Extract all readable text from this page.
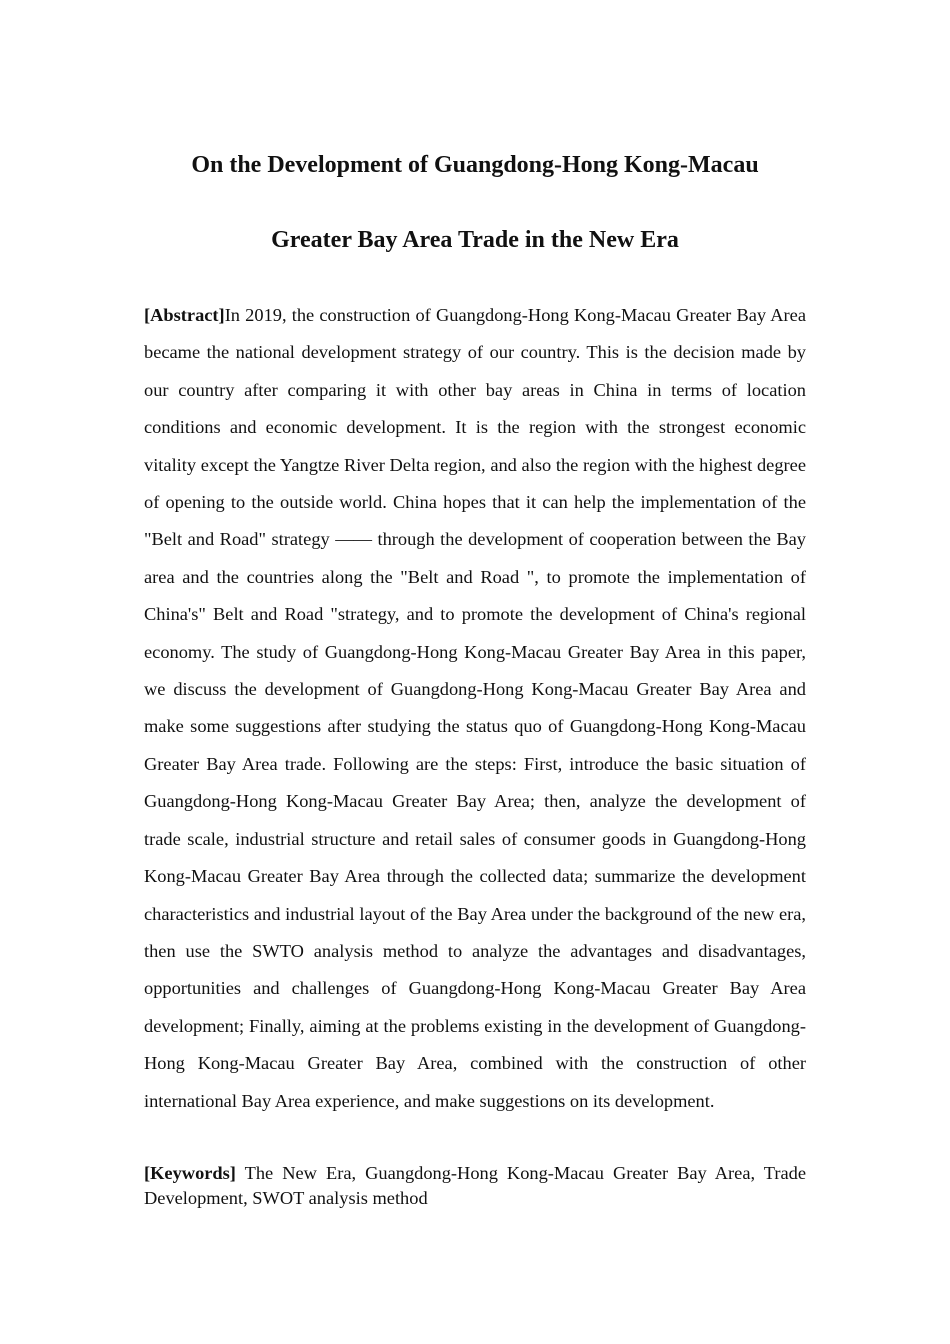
On the Development of Guangdong-Hong Kong-Macau
Greater Bay Area Trade in the New Era

[Abstract]In 2019, the construction of Guangdong-Hong Kong-Macau Greater Bay Area became the national development strategy of our country. This is the decision made by our country after comparing it with other bay areas in China in terms of location conditions and economic development. It is the region with the strongest economic vitality except the Yangtze River Delta region, and also the region with the highest degree of opening to the outside world. China hopes that it can help the implementation of the "Belt and Road" strategy —— through the development of cooperation between the Bay area and the countries along the "Belt and Road ", to promote the implementation of China's" Belt and Road "strategy, and to promote the development of China's regional economy. The study of Guangdong-Hong Kong-Macau Greater Bay Area in this paper, we discuss the development of Guangdong-Hong Kong-Macau Greater Bay Area and make some suggestions after studying the status quo of Guangdong-Hong Kong-Macau Greater Bay Area trade. Following are the steps: First, introduce the basic situation of Guangdong-Hong Kong-Macau Greater Bay Area; then, analyze the development of trade scale, industrial structure and retail sales of consumer goods in Guangdong-Hong Kong-Macau Greater Bay Area through the collected data; summarize the development characteristics and industrial layout of the Bay Area under the background of the new era, then use the SWTO analysis method to analyze the advantages and disadvantages, opportunities and challenges of Guangdong-Hong Kong-Macau Greater Bay Area development; Finally, aiming at the problems existing in the development of Guangdong-Hong Kong-Macau Greater Bay Area, combined with the construction of other international Bay Area experience, and make suggestions on its development.

[Keywords] The New Era, Guangdong-Hong Kong-Macau Greater Bay Area, Trade Development, SWOT analysis method
